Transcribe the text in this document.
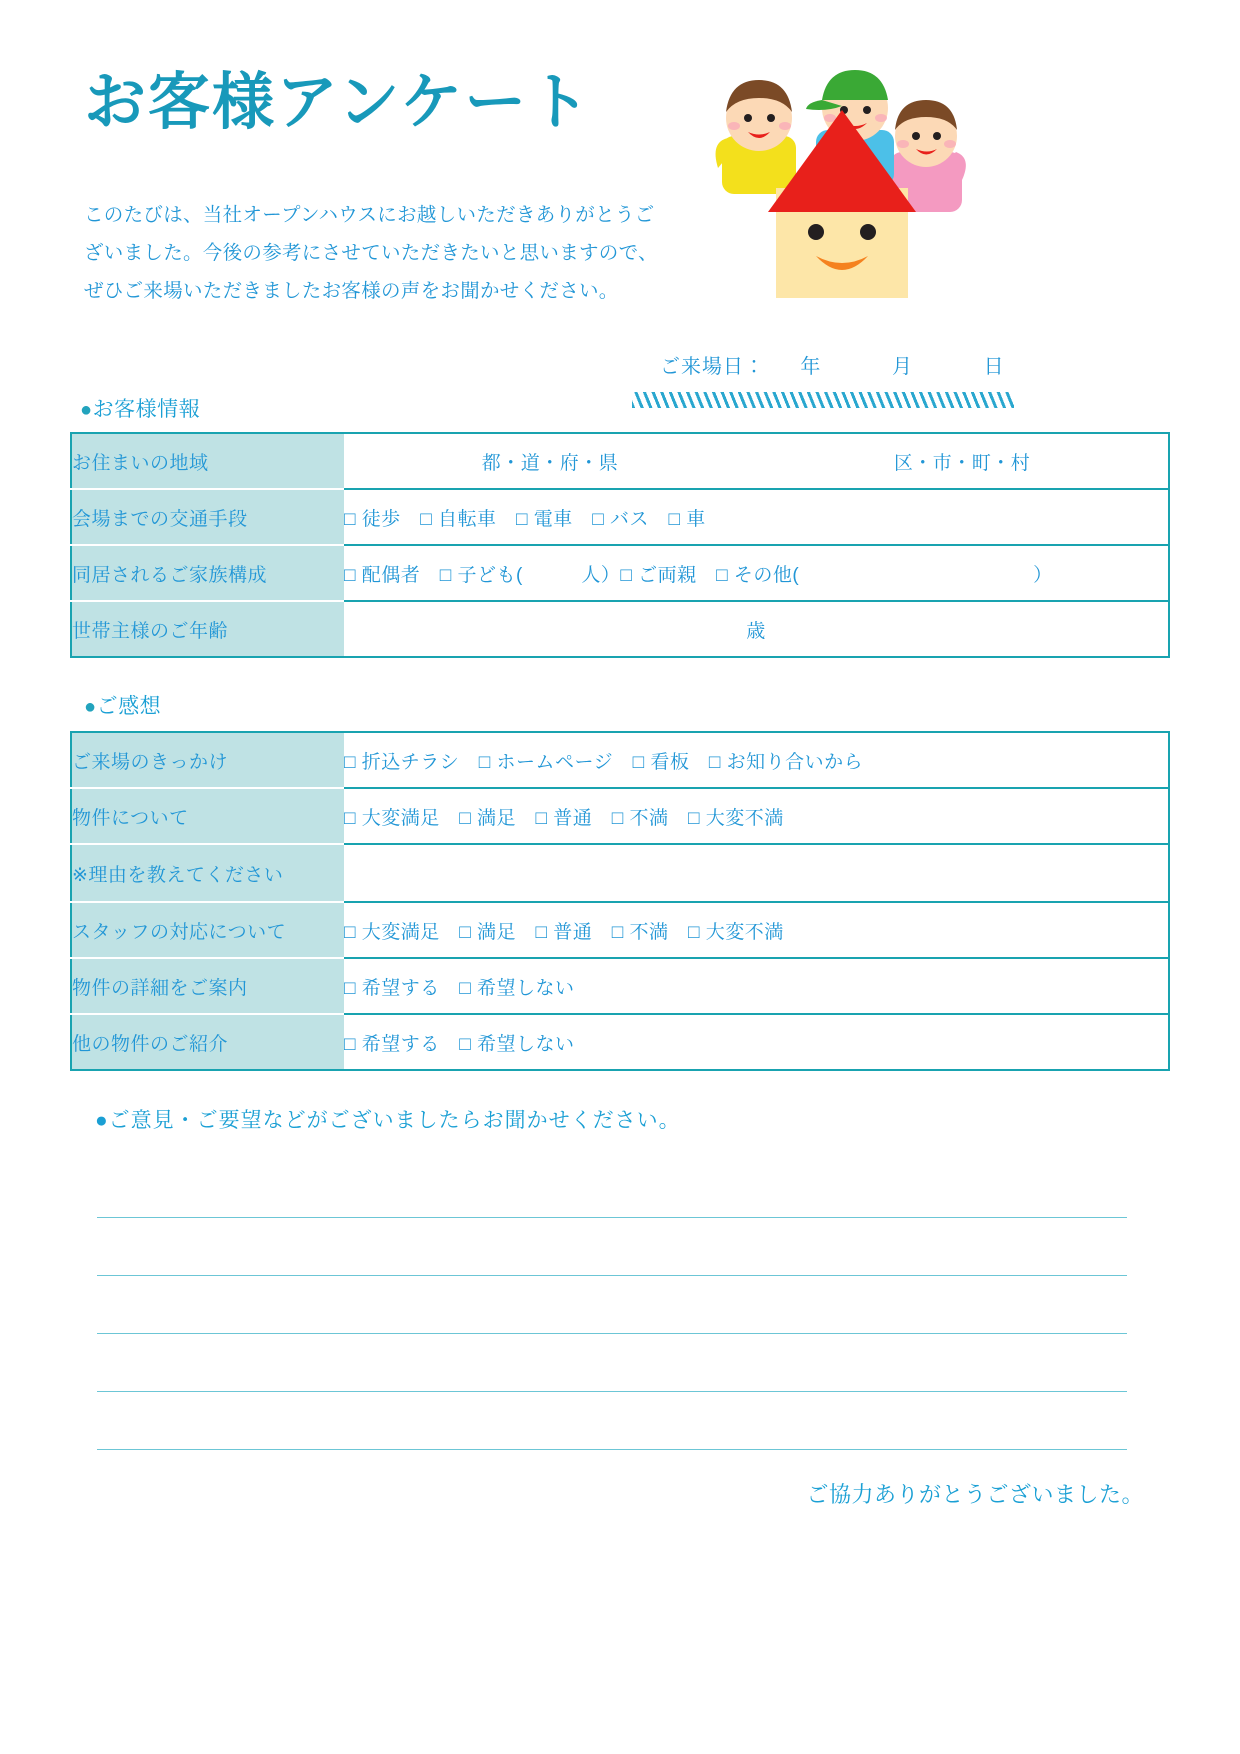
お客様アンケート
このたびは、当社オープンハウスにお越しいただきありがとうご
ざいました。今後の参考にさせていただきたいと思いますので、
ぜひご来場いただきましたお客様の声をお聞かせください。
ご来場日：	年	月	日
●お客様情報
お住まいの地域	都・道・府・県 区・市・町・村

会場までの交通手段	□ 徒歩　□ 自転車　□ 電車　□ バス　□ 車
同居されるご家族構成	□ 配偶者　□ 子ども(　　　人）□ ご両親　□ その他(　　　　　　　　　　　　）
世帯主様のご年齢	歳
●ご感想
ご来場のきっかけ	□ 折込チラシ　□ ホームページ　□ 看板　□ お知り合いから
物件について	□ 大変満足　□ 満足　□ 普通　□ 不満　□ 大変不満
※理由を教えてください	
スタッフの対応について	□ 大変満足　□ 満足　□ 普通　□ 不満　□ 大変不満
物件の詳細をご案内	□ 希望する　□ 希望しない
他の物件のご紹介	□ 希望する　□ 希望しない
●ご意見・ご要望などがございましたらお聞かせください。
ご協力ありがとうございました。
